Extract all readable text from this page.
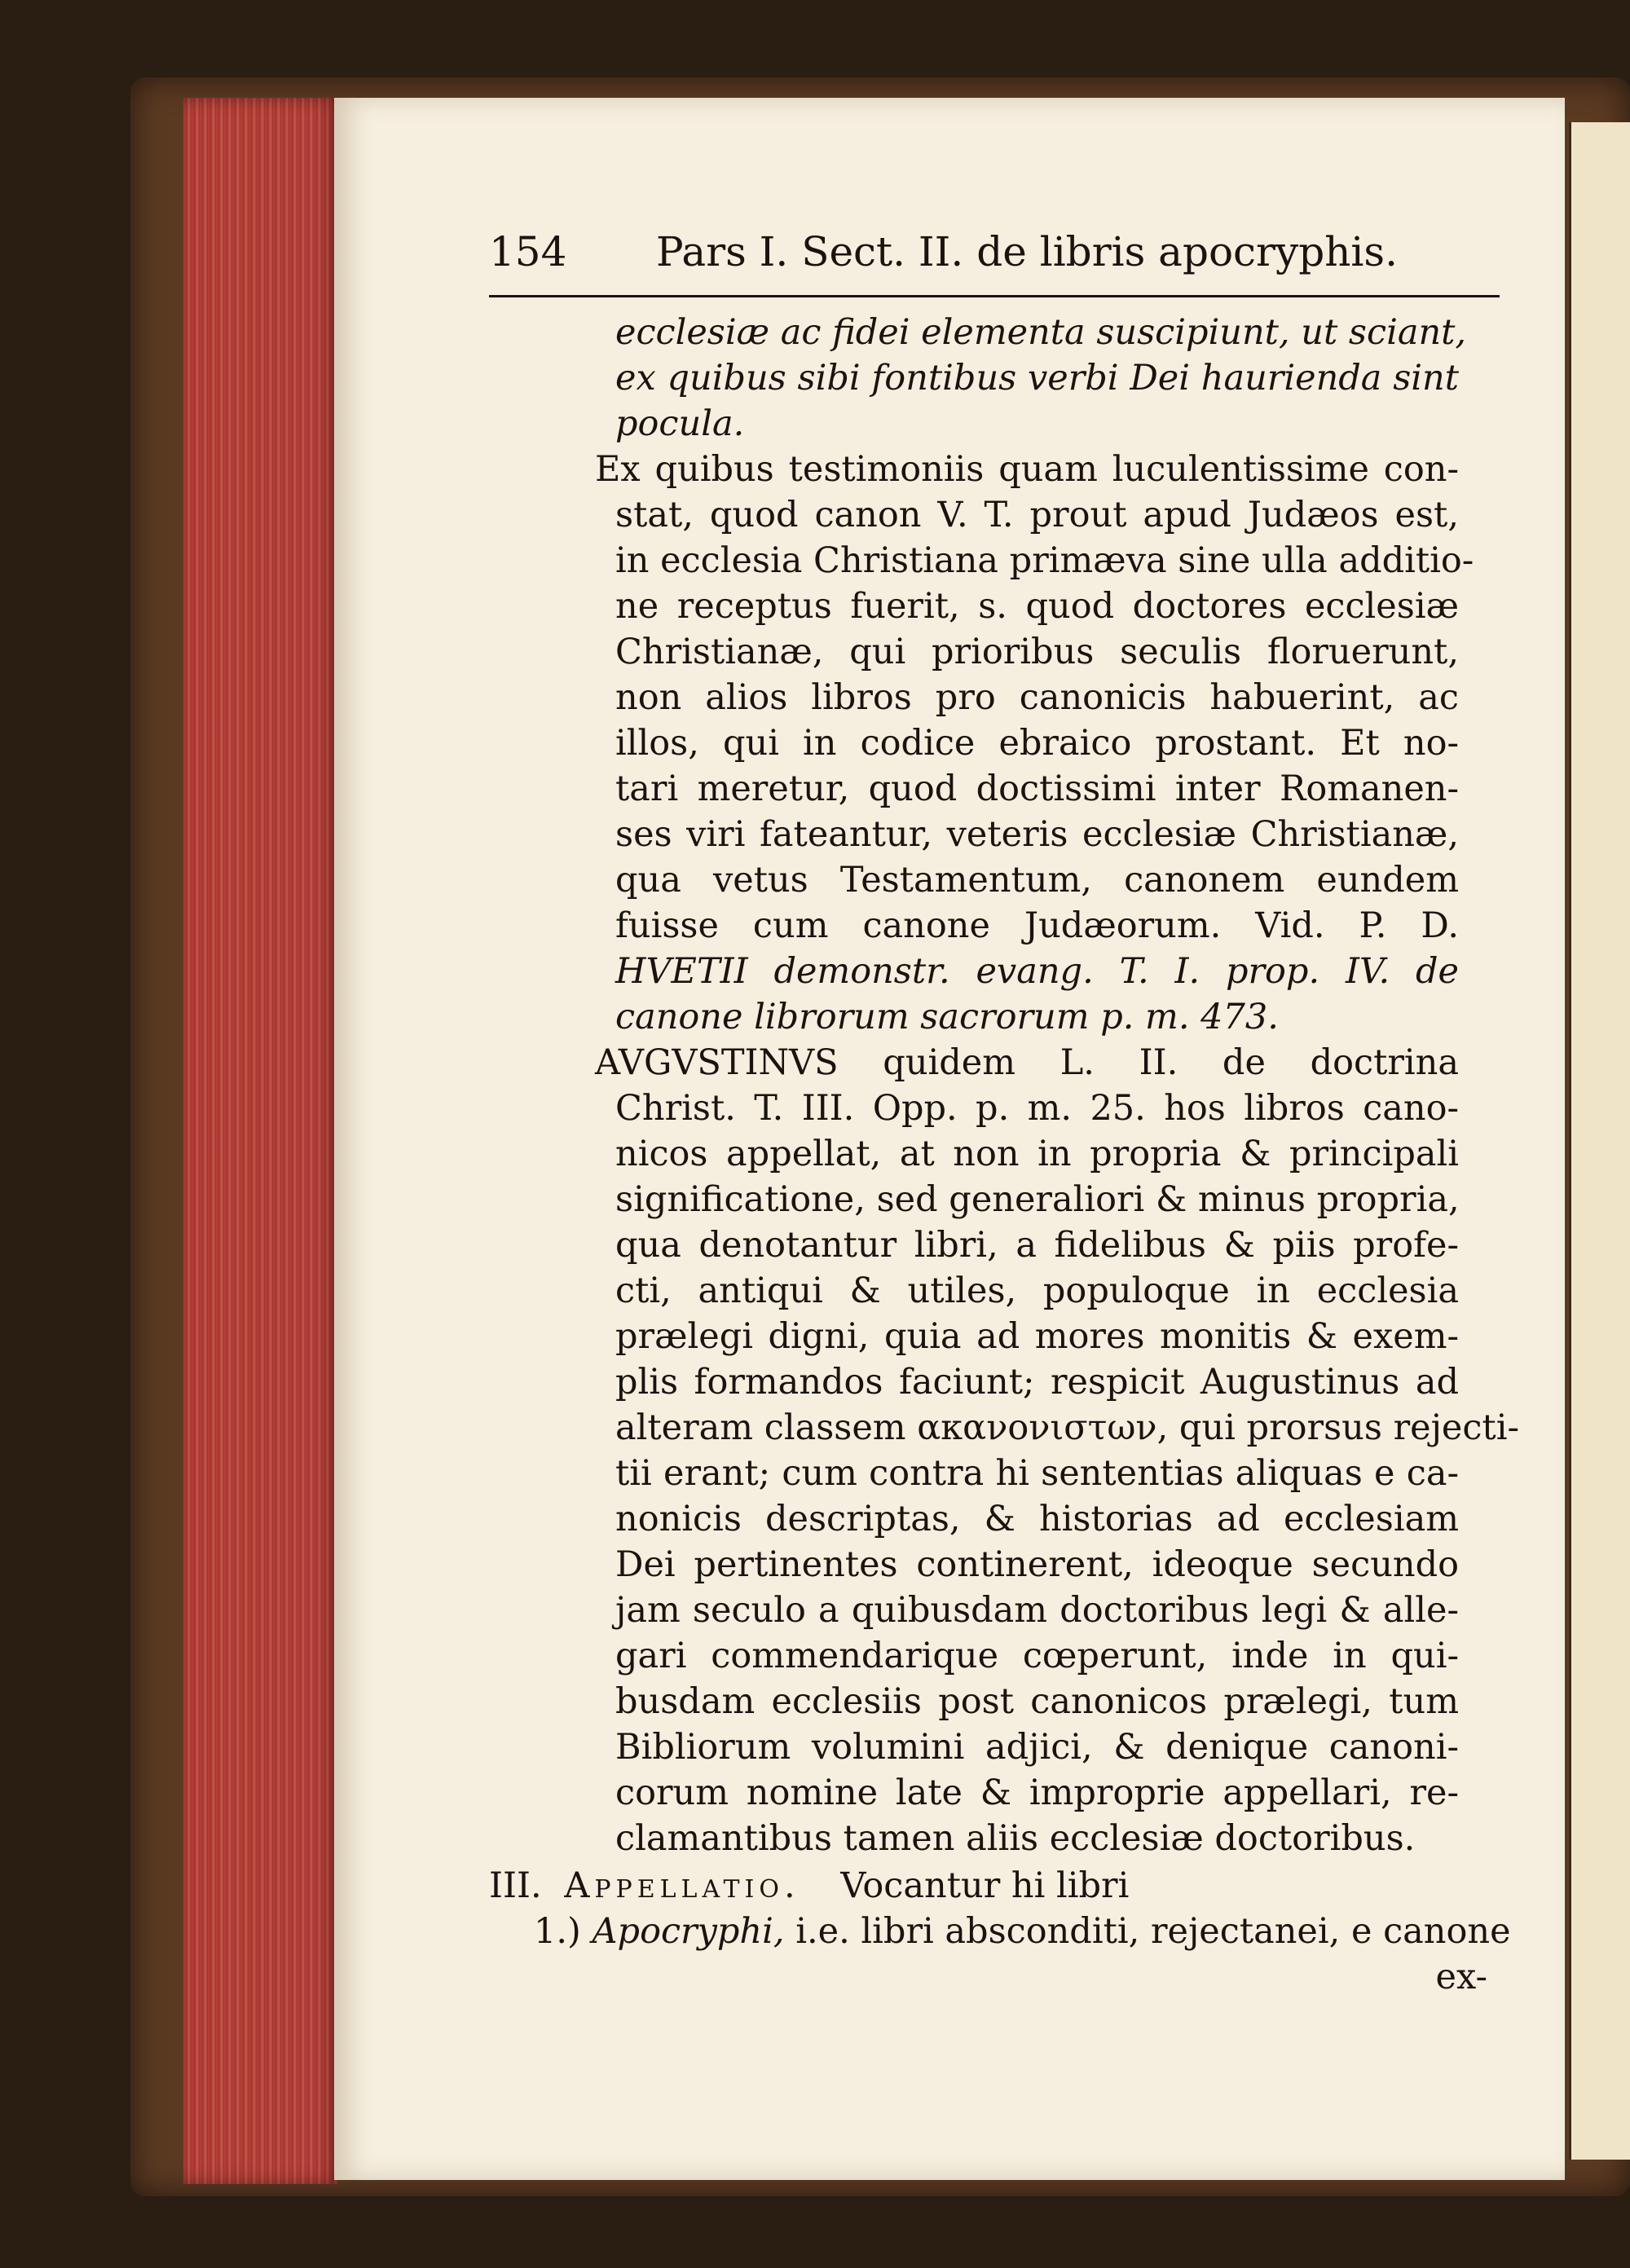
154 Pars I. Sect. II. de libris apocryphis.
ecclesiæ ac fidei elementa suscipiunt, ut sciant,
ex quibus sibi fontibus verbi Dei haurienda sint
pocula.
Ex quibus testimoniis quam luculentissime con-
stat, quod canon V. T. prout apud Judæos est,
in ecclesia Christiana primæva sine ulla additio-
ne receptus fuerit, s. quod doctores ecclesiæ
Christianæ, qui prioribus seculis floruerunt,
non alios libros pro canonicis habuerint, ac
illos, qui in codice ebraico prostant. Et no-
tari meretur, quod doctissimi inter Romanen-
ses viri fateantur, veteris ecclesiæ Christianæ,
qua vetus Testamentum, canonem eundem
fuisse cum canone Judæorum. Vid. P. D.
HVETII demonstr. evang. T. I. prop. IV. de
canone librorum sacrorum p. m. 473.
AVGVSTINVS quidem L. II. de doctrina
Christ. T. III. Opp. p. m. 25. hos libros cano-
nicos appellat, at non in propria & principali
significatione, sed generaliori & minus propria,
qua denotantur libri, a fidelibus & piis profe-
cti, antiqui & utiles, populoque in ecclesia
prælegi digni, quia ad mores monitis & exem-
plis formandos faciunt; respicit Augustinus ad
alteram classem ακανονιστων, qui prorsus rejecti-
tii erant; cum contra hi sententias aliquas e ca-
nonicis descriptas, & historias ad ecclesiam
Dei pertinentes continerent, ideoque secundo
jam seculo a quibusdam doctoribus legi & alle-
gari commendarique cœperunt, inde in qui-
busdam ecclesiis post canonicos prælegi, tum
Bibliorum volumini adjici, & denique canoni-
corum nomine late & improprie appellari, re-
clamantibus tamen aliis ecclesiæ doctoribus.
III. Appellatio. Vocantur hi libri
1.) Apocryphi, i.e. libri absconditi, rejectanei, e canone
ex-
